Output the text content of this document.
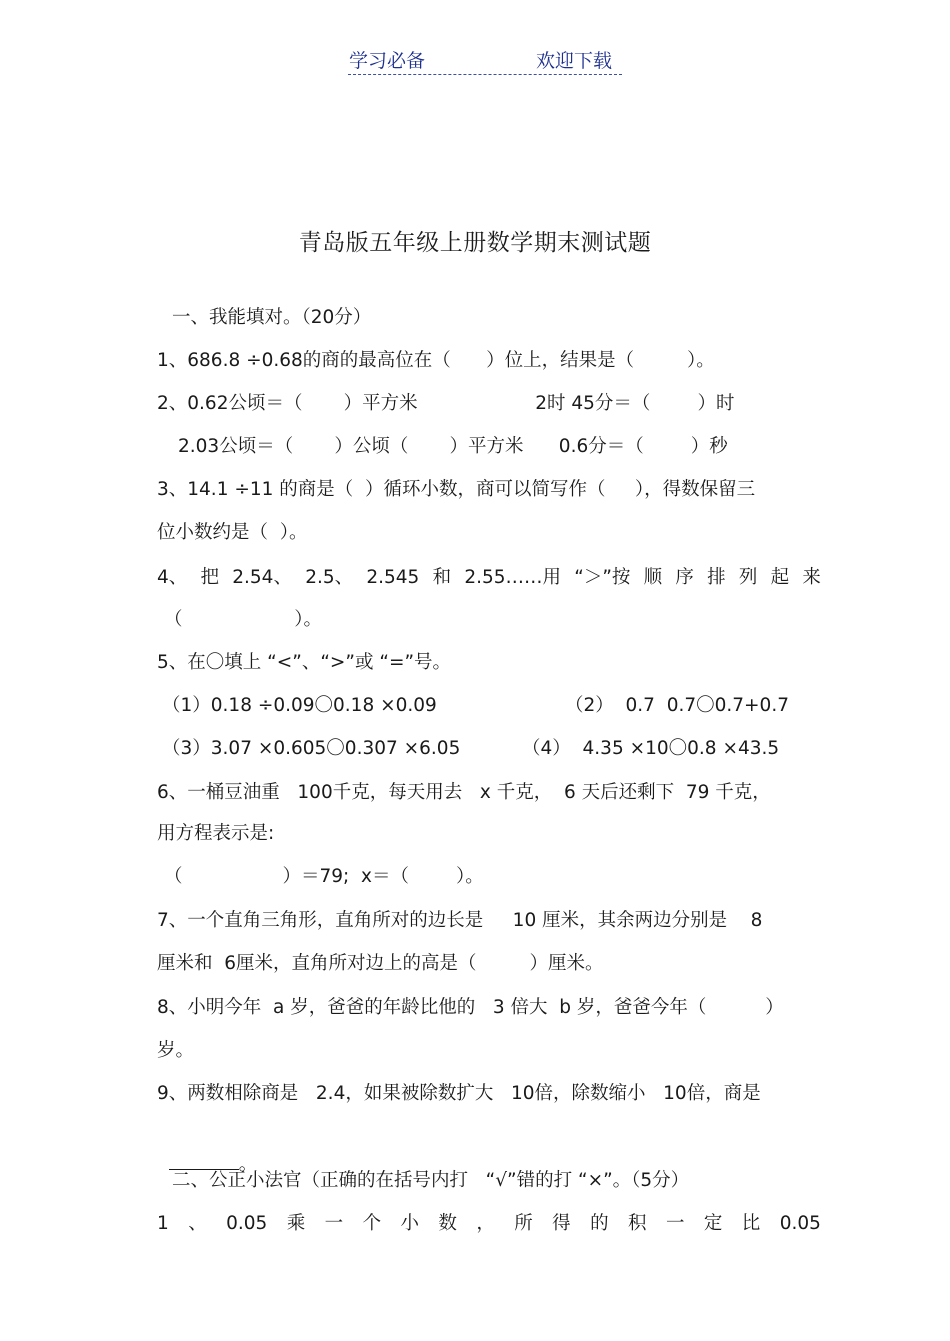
学习必备	欢迎下载
青岛版五年级上册数学期末测试题
一、我能填对。（20分）
1、686.8 ÷0.68的商的最高位在（      ）位上，结果是（         ）。
2、0.62公顷＝（       ）平方米                    2时 45分＝（        ）时
2.03公顷＝（       ）公顷（       ）平方米      0.6分＝（        ）秒
3、14.1 ÷11 的商是（  ）循环小数，商可以简写作（     ），得数保留三
位小数约是（  ）。
4、 把 2.54、 2.5、 2.545 和 2.55……用 “＞”按 顺 序 排 列 起 来
（                   ）。
5、在〇填上 “<”、“>”或 “=”号。
（1）0.18 ÷0.09〇0.18 ×0.09	（2）  0.7  0.7〇0.7+0.7
（3）3.07 ×0.605〇0.307 ×6.05	（4）  4.35 ×10〇0.8 ×43.5
6、一桶豆油重   100千克，每天用去   x 千克，  6 天后还剩下  79 千克，
用方程表示是:
（                 ）＝79;  x＝（        ）。
7、一个直角三角形，直角所对的边长是     10 厘米，其余两边分别是    8
厘米和  6厘米，直角所对边上的高是（         ）厘米。
8、小明今年  a 岁，爸爸的年龄比他的   3 倍大  b 岁，爸爸今年（          ）
岁。
9、两数相除商是   2.4，如果被除数扩大   10倍，除数缩小   10倍，商是

。

二、公正小法官（正确的在括号内打   “√”错的打 “×”。（5分）
1 、 0.05 乘 一 个 小 数 ， 所 得 的 积 一 定 比 0.05
